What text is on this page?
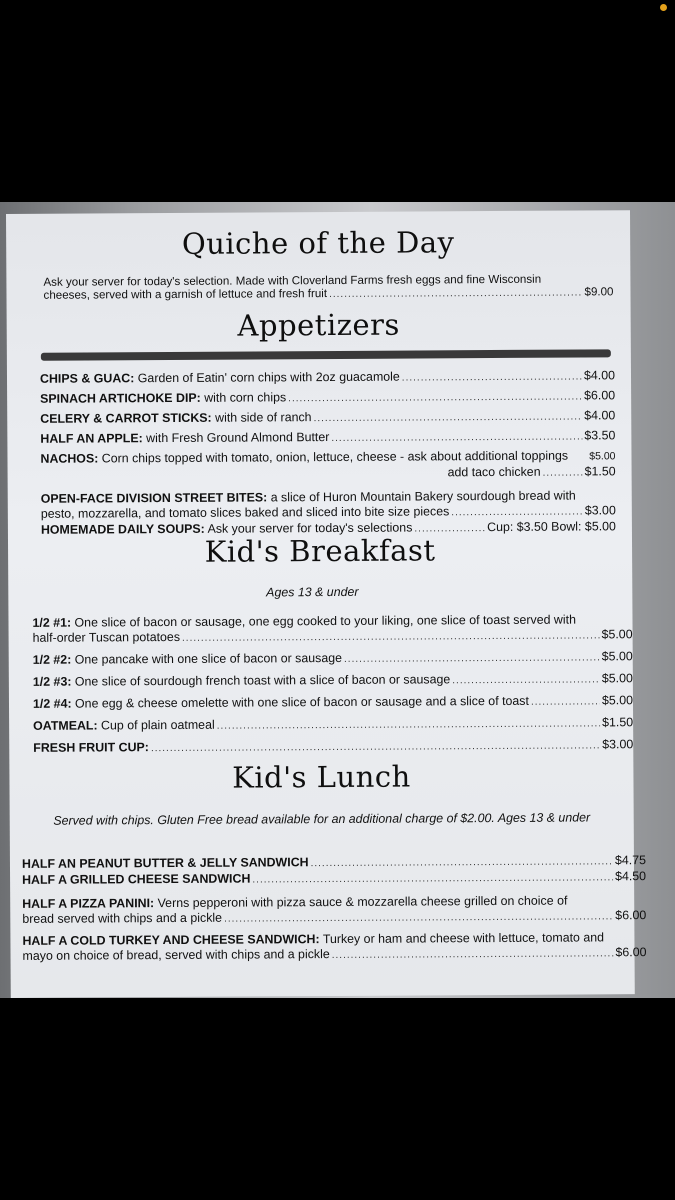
Quiche of the Day

Ask your server for today's selection. Made with Cloverland Farms fresh eggs and fine Wisconsin

cheeses, served with a garnish of lettuce and fresh fruit .....	$9.00
Appetizers
CHIPS & GUAC: Garden of Eatin' corn chips with 2oz guacamole .....	$4.00
SPINACH ARTICHOKE DIP: with corn chips .....	$6.00
CELERY & CARROT STICKS: with side of ranch .....	$4.00
HALF AN APPLE: with Fresh Ground Almond Butter .....	$3.50
NACHOS: Corn chips topped with tomato, onion, lettuce, cheese - ask about additional toppings $5.00
add taco chicken .....	$1.50
OPEN-FACE DIVISION STREET BITES: a slice of Huron Mountain Bakery sourdough bread with
pesto, mozzarella, and tomato slices baked and sliced into bite size pieces .....	$3.00
HOMEMADE DAILY SOUPS: Ask your server for today's selections .....	Cup: $3.50 Bowl: $5.00
Kid's Breakfast
Ages 13 & under
1/2 #1: One slice of bacon or sausage, one egg cooked to your liking, one slice of toast served with
half-order Tuscan potatoes .....	$5.00
1/2 #2: One pancake with one slice of bacon or sausage .....	$5.00
1/2 #3: One slice of sourdough french toast with a slice of bacon or sausage .....	$5.00
1/2 #4: One egg & cheese omelette with one slice of bacon or sausage and a slice of toast .....	$5.00
OATMEAL: Cup of plain oatmeal .....	$1.50
FRESH FRUIT CUP: .....	$3.00
Kid's Lunch
Served with chips. Gluten Free bread available for an additional charge of $2.00. Ages 13 & under
HALF AN PEANUT BUTTER & JELLY SANDWICH .....	$4.75
HALF A GRILLED CHEESE SANDWICH .....	$4.50
HALF A PIZZA PANINI: Verns pepperoni with pizza sauce & mozzarella cheese grilled on choice of
bread served with chips and a pickle .....	$6.00
HALF A COLD TURKEY AND CHEESE SANDWICH: Turkey or ham and cheese with lettuce, tomato and
mayo on choice of bread, served with chips and a pickle .....	$6.00
